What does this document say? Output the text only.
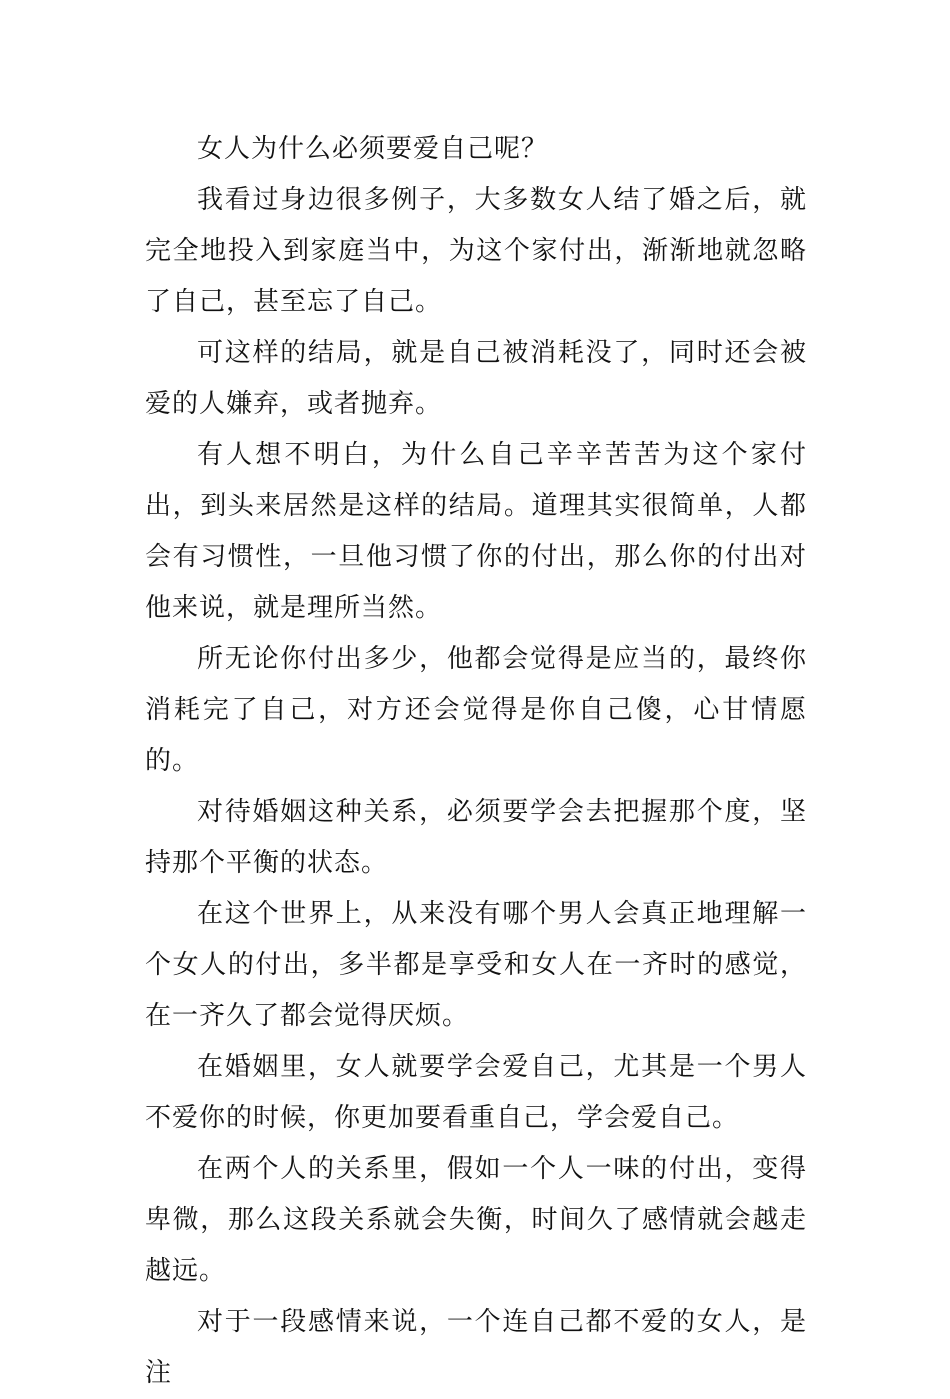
女人为什么必须要爱自己呢？

我看过身边很多例子，大多数女人结了婚之后，就完全地投入到家庭当中，为这个家付出，渐渐地就忽略了自己，甚至忘了自己。

可这样的结局，就是自己被消耗没了，同时还会被爱的人嫌弃，或者抛弃。

有人想不明白，为什么自己辛辛苦苦为这个家付出，到头来居然是这样的结局。道理其实很简单，人都会有习惯性，一旦他习惯了你的付出，那么你的付出对他来说，就是理所当然。

所无论你付出多少，他都会觉得是应当的，最终你消耗完了自己，对方还会觉得是你自己傻，心甘情愿的。

对待婚姻这种关系，必须要学会去把握那个度，坚持那个平衡的状态。

在这个世界上，从来没有哪个男人会真正地理解一个女人的付出，多半都是享受和女人在一齐时的感觉，在一齐久了都会觉得厌烦。

在婚姻里，女人就要学会爱自己，尤其是一个男人不爱你的时候，你更加要看重自己，学会爱自己。

在两个人的关系里，假如一个人一味的付出，变得卑微，那么这段关系就会失衡，时间久了感情就会越走越远。

对于一段感情来说，一个连自己都不爱的女人，是注
